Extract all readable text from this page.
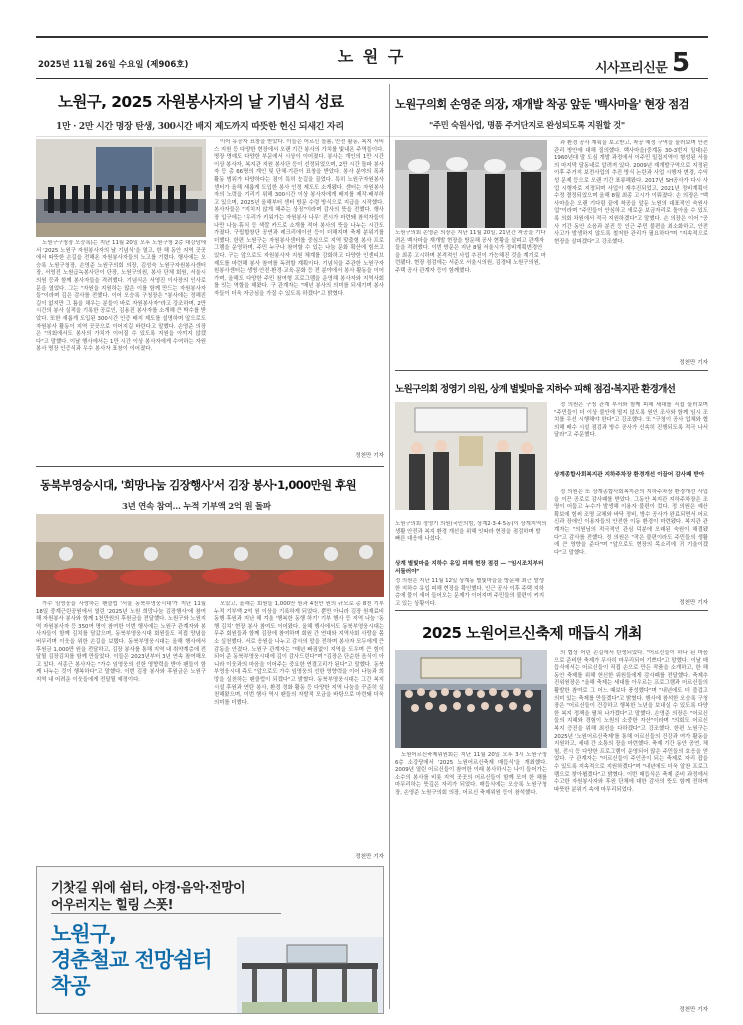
노 원 구
2025년 11월 26일 수요일 (제906호)	시사프리신문 5
노원구, 2025 자원봉사자의 날 기념식 성료
1만 · 2만 시간 명장 탄생, 300시간 배지 제도까지 따뜻한 헌신 되새긴 자리

노원구구청장 오승록)는 지난 11월 20일 오후 노원구청 2층 대강당에서 '2025 노원구 자원봉사자의 날 기념식'을 열고, 한 해 동안 지역 곳곳에서 따뜻한 손길을 전해온 자원봉사자들의 노고를 기렸다. 행사에는 오승록 노원구청장, 손영준 노원구의회 의장, 김성숙 노원구자원봉사센터장, 서영진 노원급녹봉사단이 단장, 노원구의원, 봉사 단체 회원, 서울시의원 등과 함께 봉사자들을 격려했다. 기념식은 서영진 이사장의 인사로 문을 열었다. 그는 "자원을 지원하는 많은 이를 함께 만드는 자원봉사자들"이라며 깊은 감사를 전했다. 이어 오승록 구청장은 "봉사에는 정해진 길이 없지만 그 틈을 채우는 분들이 바로 자원봉사자"라고 강조하며, 2만 시간의 봉사 실적을 기록한 공로인, 김용진 봉사자를 소개해 큰 박수를 받았다. 또한 새롭게 도입된 300시간 인증 배지 제도를 설명하며 앞으로도 자원봉사 활동이 지역 곳곳으로 이어지길 바란다고 말했다. 손영준 의장은 "의회에서도 봉사의 가치가 이어질 수 있도록 지원을 아끼지 않겠다"고 말했다. 이날 행사에서는 1만 시간 이상 봉사자에게 수여하는 자원봉사 명장 인증식과 우수 봉사자 표창이 이어졌다.

이어 유공자 표창을 받았다. 이들은 어르신 돌봄, 안전 활동, 복지 서비스 지원 등 다양한 현장에서 오랜 기간 봉사의 가치를 빛내온 주역들이다. 명장 명예도 다양한 부문에서 시상이 이어졌다. 봉사는 개인의 1만 시간 이상 봉사자, 복지관 지원 봉사단 등이 선정되었으며, 2만 시간 돌파 봉사자 등 총 66명의 개인 및 단체·기관이 표창을 받았다. 봉사 분야의 폭과 활동 범위가 다양하다는 점이 특히 눈길을 끌었다. 특히 노원구자원봉사센터가 올해 새롭게 도입한 봉사 인정 제도도 소개됐다. 센터는 자원봉사자의 노력을 기리기 위해 300시간 이상 봉사자에게 배지를 제작·배부하고 있으며, 2025년 올해부터 센터 방문 수령 방식으로 지급을 시작했다. 봉사자들은 "지치지 않게 해주는 상징"이라며 감사의 뜻을 전했다. 행사장 입구에는 '우리가 키워가는 자원봉사 나무' 전시가 마련돼 참석자들이 나만 나눔·휴식 등 색깔 카드로 소개를 적어 봉사의 뜻을 나누는 시간도 가졌다. 구립합창단 공연과 레크리에이션 등이 더해지며 축제 분위기를 더했다. 한편 노원구는 자원봉사센터를 중심으로 지역 맞춤형 봉사 프로그램을 운영하며, 주민 누구나 참여할 수 있는 나눔 문화 확산에 힘쓰고 있다. 구는 앞으로도 자원봉사자 지원 체계를 강화하고 다양한 인센티브 제도를 마련해 봉사 참여를 독려할 계획이다. 기념식을 주관한 노원구자원봉사센터는 생명·안전·환경·교육·문화 등 전 분야에서 봉사 활동을 이어가며, 올해도 다양한 주민 참여형 프로그램을 운영해 봉사자와 지역사회를 잇는 역할을 해왔다. 구 관계자는 "매년 봉사의 의미를 되새기며 봉사자들이 더욱 자긍심을 가질 수 있도록 하겠다"고 밝혔다.

정천만 기자
동북부영승시대, '희망나눔 김장행사'서 김장 봉사·1,000만원 후원
3년 연속 참여… 누적 기부액 2억 원 돌파

가수 임영웅을 사랑하는 팬클럽 '서울 동북부영웅시대'가 지난 11월 18일 중계근린공원에서 열린 '2025년 노원 희망나눔 김장행사'에 참여해 자원봉사 봉사와 함께 1천만원의 후원금을 전달했다. 노원구와 노원지역 자원봉사자 등 350여 명이 참여한 이번 행사에는 노원구 관계자와 봉사자들이 함께 김치를 담갔으며, 동북부영웅시대 회원들도 직접 양념을 버무리며 이웃을 위한 손길을 보탰다. 동북부영웅시대는 올해 행사에서 후원금 1,000만 원을 전달하고, 김장 봉사를 통해 지역 내 취약계층에 전달될 김장김치를 함께 만들었다. 이들은 2023년부터 3년 연속 참여해오고 있다. 서종근 봉사자는 "가수 임영웅의 선한 영향력을 받아 팬들이 함께 나누는 것이 행복하다"고 말했다. 이번 김장 봉사와 후원금은 노원구 지역 내 어려운 이웃들에게 전달될 예정이다.

모았고, 올해는 회원들 1,000만 원과 4천만 원의 규모로 총 8천 기부 누적 기부액 2억 원 이상을 기록하게 되었다. 뿐만 아니라 김장 원재료비 동행 후원과 지난 해 겨울 '행복한 동행 하기' 기부 행사 등 지역 나눔 '동행 김치' 현장 봉사 참여도 이어왔다. 올해 행사에서도 동북부영웅시대는 무주 회원들과 함께 김장에 참여하며 회원 간 연대와 지역사회 사랑을 몸소 실천했다. 서로 응원을 나누고 감사의 말을 전하며 봉사자 모두에게 큰 감동을 안겼다. 노원구 관계자는 "매년 빠짐없이 지역을 도우며 큰 힘이 되어 준 동북부영웅시대에 깊이 감사드린다"며 "김장은 단순한 음식이 아니라 이웃과의 마음을 이어주는 중요한 연결고리가 된다"고 말했다. 동북부영웅시대 측도 "앞으로도 가수 임영웅의 선한 영향력을 이어 나눔과 희망을 실천하는 팬클럽이 되겠다"고 밝혔다. 동북부영웅시대는 그간 복지시설 후원과 연탄 봉사, 환경 정화 활동 등 다양한 지역 나눔을 꾸준히 실천해왔으며, 이번 행사 역시 팬들의 자발적 모금을 바탕으로 마련돼 더욱 의미를 더했다.

정천만 기자
기찻길 위에 쉼터, 야경·음악·전망이
어우러지는 힐링 스폿!
노원구,
경춘철교 전망쉼터
착공
노원구의회 손영준 의장, 재개발 착공 앞둔 '백사마을' 현장 점검
"주민 숙원사업, 명품 주거단지로 완성되도록 지원할 것"
노원구의회 손영준 의장은 지난 11월 20일, 21년간 착공을 기다려온 백사마을 재개발 현장을 방문해 공사 현황을 살피고 관계자들을 격려했다. 이번 방문은 지난 8월 서울시가 정비계획변경안을 최종 고시하며 본격적인 사업 추진이 가능해진 것을 계기로 마련됐다. 현장 점검에는 서준오 서울시의원, 김경태 노원구의원, 주택 공사 관계자 등이 함께했다.

과 환경 공사 계획을 보고받고, 착공 예정 구역을 둘러보며 안전 관리 방안에 대해 질의했다. 백사마을(중계동 30-3번지 일대)은 1960년대 말 도심 개발 과정에서 이주민 밀집지역이 형성된 서울의 마지막 달동네로 알려져 있다. 2009년 재개발구역으로 지정된 이후 주거지 보전사업의 추진 방식 논란과 사업 시행자 변경, 수익성 문제 등으로 오랜 기간 표류해왔다. 2017년 SH공사가 다시 사업 시행자로 지정되며 사업이 재추진되었고, 2021년 정비계획이 수정 결정되었으며 올해 8월 최종 고시가 이뤄졌다. 손 의장은 "백사마을은 오랜 기다림 끝에 착공을 앞둔 노원의 대표적인 숙원사업"이라며 "주민들이 안심하고 새로운 보금자리로 돌아올 수 있도록 의회 차원에서 적극 지원하겠다"고 말했다. 손 의장은 이어 "공사 기간 동안 소음과 분진 등 인근 주민 불편을 최소화하고, 안전사고가 발생하지 않도록 철저한 관리가 필요하다"며 "지속적으로 현장을 살피겠다"고 강조했다.

정천만 기자
노원구의회 정영기 의원, 상계 별빛마을 지하수 피해 점검·복지관 환경개선
노원구의회 정영기 의원(국민의힘, 상계2·3·4·5동)이 상계지역의 생활 안전과 복지 환경 개선을 위해 잇따라 현장을 점검하며 발 빠른 대응에 나섰다.
상계 별빛마을 지하수 유입 피해 현장 점검 — "임시조치부터 서둘러야"
정 의원은 지난 11월 12일 상계동 별빛마을을 방문해 최근 발생한 지하수 유입 피해 현장을 확인했다. 인근 공사 이후 주택 지하층에 물이 새어 들어오는 문제가 이어지며 주민들의 불편이 커지고 있는 상황이다.

정 의원은 구청 관계 부서와 함께 피해 세대를 직접 둘러보며 "주민들이 더 이상 불안에 떨지 않도록 원인 조사와 함께 임시 조치를 우선 시행해야 한다"고 강조했다. 또 "구청이 공사 업체와 협의해 배수 시설 점검과 방수 공사가 신속히 진행되도록 적극 나서 달라"고 주문했다.

상계종합사회복지관 지하주차장 환경개선 이끌어 감사패 받아

정 의원은 또 상계종합사회복지관의 지하주차장 환경개선 사업을 이끈 공로로 감사패를 받았다. 그동안 복지관 지하주차장은 조명이 어둡고 누수가 발생해 이용자 불편이 컸다. 정 의원은 예산 확보에 힘써 조명 교체와 바닥 정비, 방수 공사가 완료되면서 어르신과 장애인 이용자들의 안전한 이동 환경이 마련됐다. 복지관 관계자는 "의원님의 적극적인 관심 덕분에 오래된 숙원이 해결됐다"고 감사를 전했다. 정 의원은 "작은 불편이라도 주민들의 생활에 큰 영향을 준다"며 "앞으로도 현장의 목소리에 귀 기울이겠다"고 말했다.

정천만 기자
2025 노원어르신축제 매듭식 개최

노원어르신축제위원회는 지난 11월 20일 오후 3시 노원구청 6층 소강당에서 '2025 노원어르신축제 매듭식'을 개최했다. 2009년 열린 어르신들이 참여한 이래 봉사하시는 나이 들어가는 소수의 봉사를 비롯 지역 곳곳의 어르신들이 함께 모여 한 해를 마무리하는 뜻깊은 자리가 되었다. 매듭식에는 오승록 노원구청장, 손영준 노원구의회 의장, 어르신 축제위원 등이 참석했다.

의 협상 어린 손길에서 탄생되었다. "어르신들이 하나 된 마음으로 준비한 축제가 무사히 마무리되어 기쁘다"고 말했다. 이날 매듭식에서는 어르신들이 직접 손으로 만든 작품을 소개하고, 한 해 동안 축제를 위해 헌신한 위원들에게 감사패를 전달했다. 축제추진위원장은 "올해 축제는 세대를 아우르는 프로그램과 어르신들의 활발한 참여로 그 어느 때보다 풍성했다"며 "내년에도 더 즐겁고 의미 있는 축제를 만들겠다"고 밝혔다. 행사에 참석한 오승록 구청장은 "어르신들이 건강하고 행복한 노년을 보내실 수 있도록 다양한 복지 정책을 펼쳐 나가겠다"고 말했다. 손영준 의장은 "어르신들의 지혜와 경험이 노원의 소중한 자산"이라며 "의회도 어르신 복지 증진을 위해 최선을 다하겠다"고 강조했다. 한편 노원구는 2025년 '노원어르신축제'를 통해 어르신들의 건강과 여가 활동을 지원하고, 세대 간 소통의 장을 마련했다. 축제 기간 동안 공연, 체험, 전시 등 다양한 프로그램이 운영되어 많은 주민들의 호응을 얻었다. 구 관계자는 "어르신들이 주인공이 되는 축제로 자리 잡을 수 있도록 지속적으로 지원하겠다"며 "내년에도 더욱 알찬 프로그램으로 찾아뵙겠다"고 밝혔다. 이번 매듭식은 축제 준비 과정에서 수고한 자원봉사자와 후원 단체에 대한 감사의 뜻도 함께 전하며 따뜻한 분위기 속에 마무리되었다.

정천만 기자
